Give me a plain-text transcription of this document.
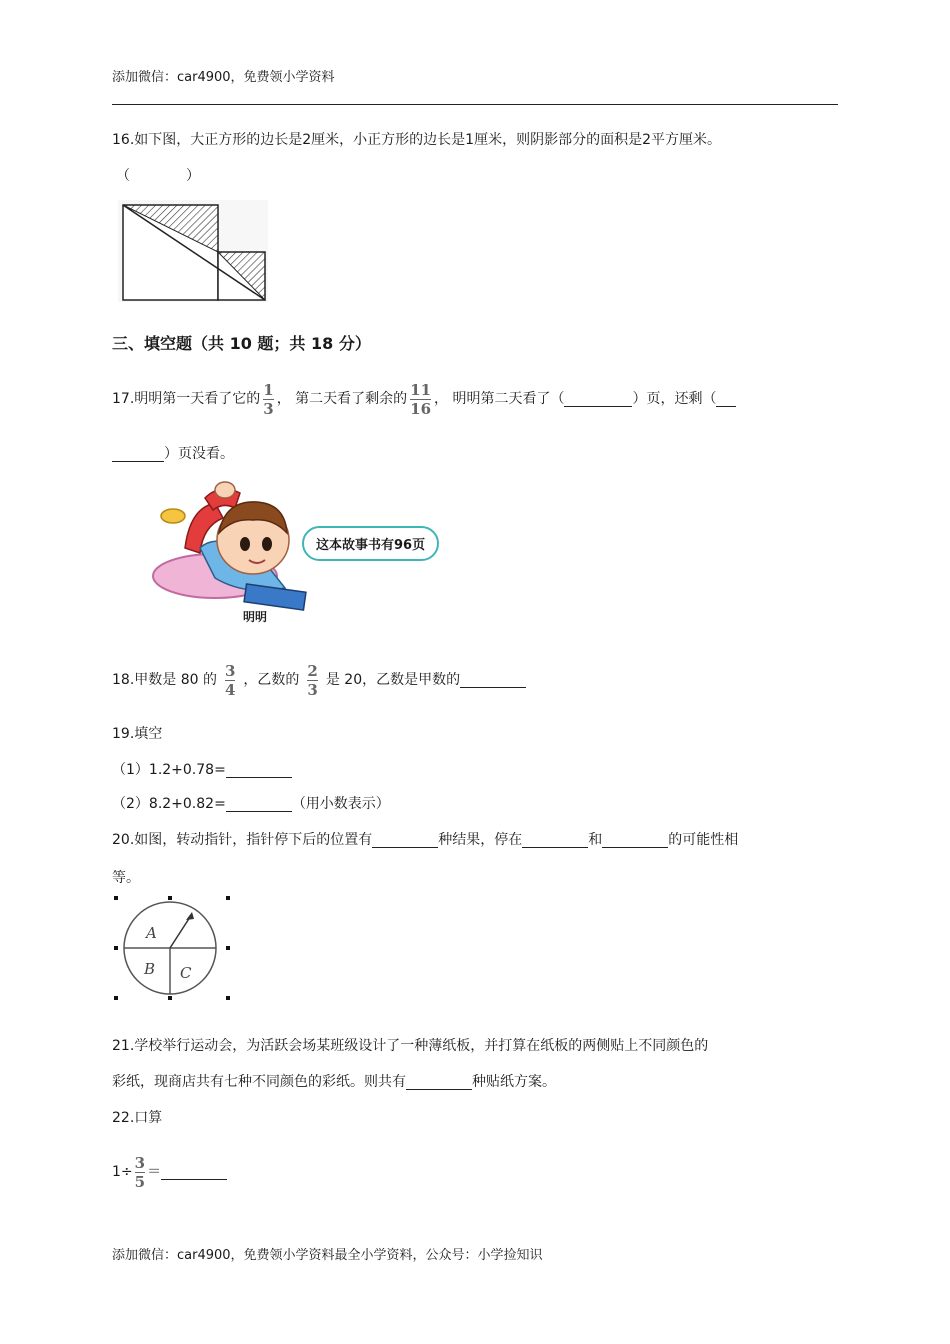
添加微信：car4900，免费领小学资料
16.如下图，大正方形的边长是2厘米，小正方形的边长是1厘米，则阴影部分的面积是2平方厘米。
（　　　　）
三、填空题（共 10 题；共 18 分）
17.明明第一天看了它的 $\frac{1}{3}$ ， 第二天看了剩余的 $\frac{11}{16}$ ， 明明第二天看了（	）页，还剩（
）页没看。
明明
这本故事书有96页
18.甲数是 80 的 $\frac{3}{4}$ ，乙数的 $\frac{2}{3}$ 是 20，乙数是甲数的
19.填空
（1）1.2+0.78=
（2）8.2+0.82=	（用小数表示）
20.如图，转动指针，指针停下后的位置有	种结果，停在	和	的可能性相
等。
A
B C
21.学校举行运动会，为活跃会场某班级设计了一种薄纸板，并打算在纸板的两侧贴上不同颜色的
彩纸，现商店共有七种不同颜色的彩纸。则共有	种贴纸方案。
22.口算
$1\div \frac{3}{5}$ ＝
添加微信：car4900，免费领小学资料最全小学资料，公众号：小学捡知识
